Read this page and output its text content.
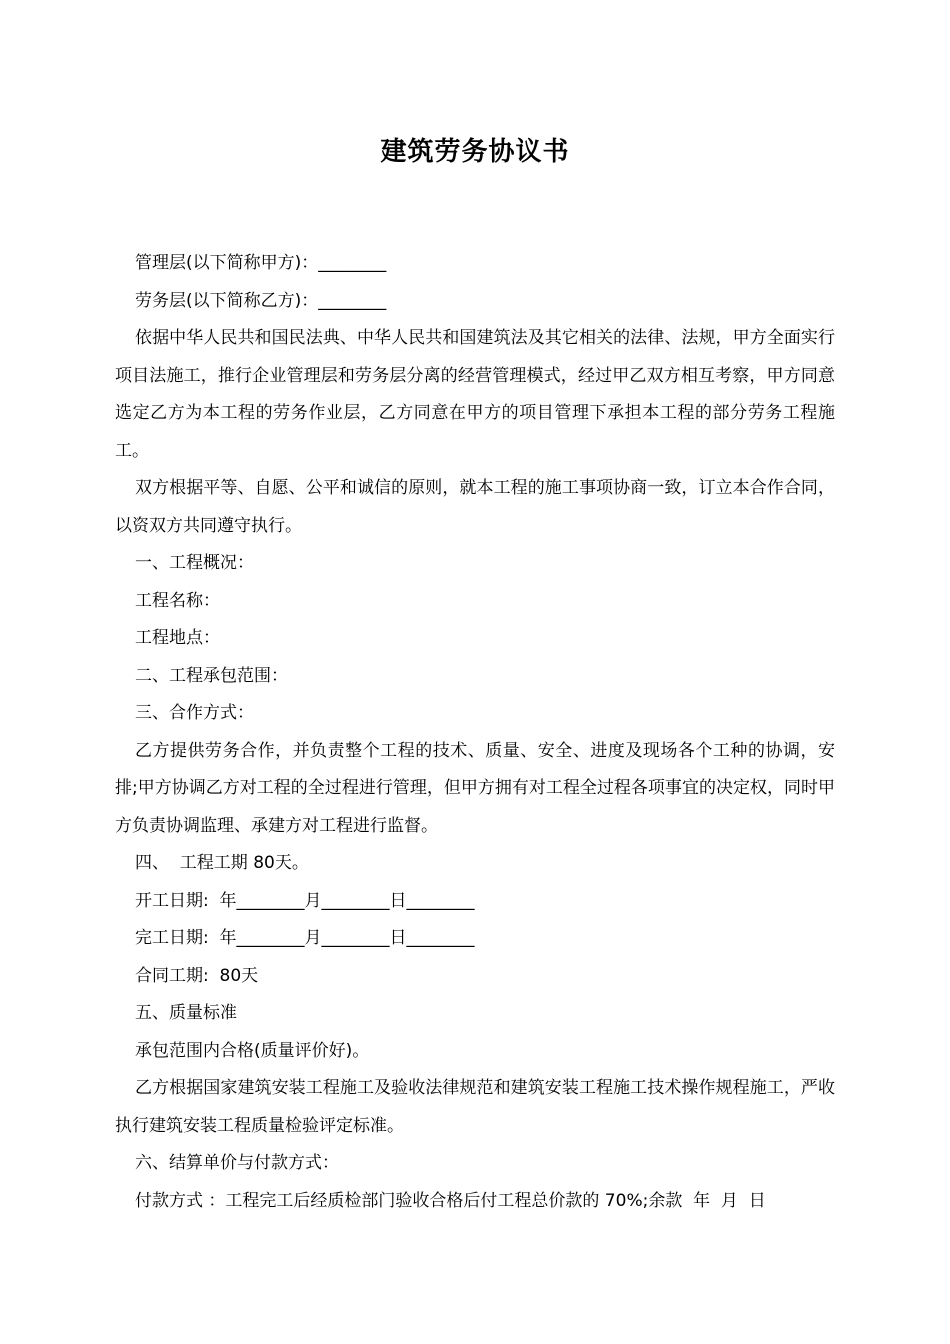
建筑劳务协议书

管理层(以下简称甲方)：________

劳务层(以下简称乙方)：________

依据中华人民共和国民法典、中华人民共和国建筑法及其它相关的法律、法规，甲方全面实行项目法施工，推行企业管理层和劳务层分离的经营管理模式，经过甲乙双方相互考察，甲方同意选定乙方为本工程的劳务作业层，乙方同意在甲方的项目管理下承担本工程的部分劳务工程施工。

双方根据平等、自愿、公平和诚信的原则，就本工程的施工事项协商一致，订立本合作合同，以资双方共同遵守执行。

一、工程概况：

工程名称：

工程地点：

二、工程承包范围：

三、合作方式：

乙方提供劳务合作，并负责整个工程的技术、质量、安全、进度及现场各个工种的协调，安排;甲方协调乙方对工程的全过程进行管理，但甲方拥有对工程全过程各项事宜的决定权，同时甲方负责协调监理、承建方对工程进行监督。

四、  工程工期 80天。

开工日期:  年________月________日________

完工日期:  年________月________日________

合同工期:  80天

五、质量标准

承包范围内合格(质量评价好)。

乙方根据国家建筑安装工程施工及验收法律规范和建筑安装工程施工技术操作规程施工，严收执行建筑安装工程质量检验评定标准。

六、结算单价与付款方式：

付款方式 ：工程完工后经质检部门验收合格后付工程总价款的 70%;余款  年  月  日
